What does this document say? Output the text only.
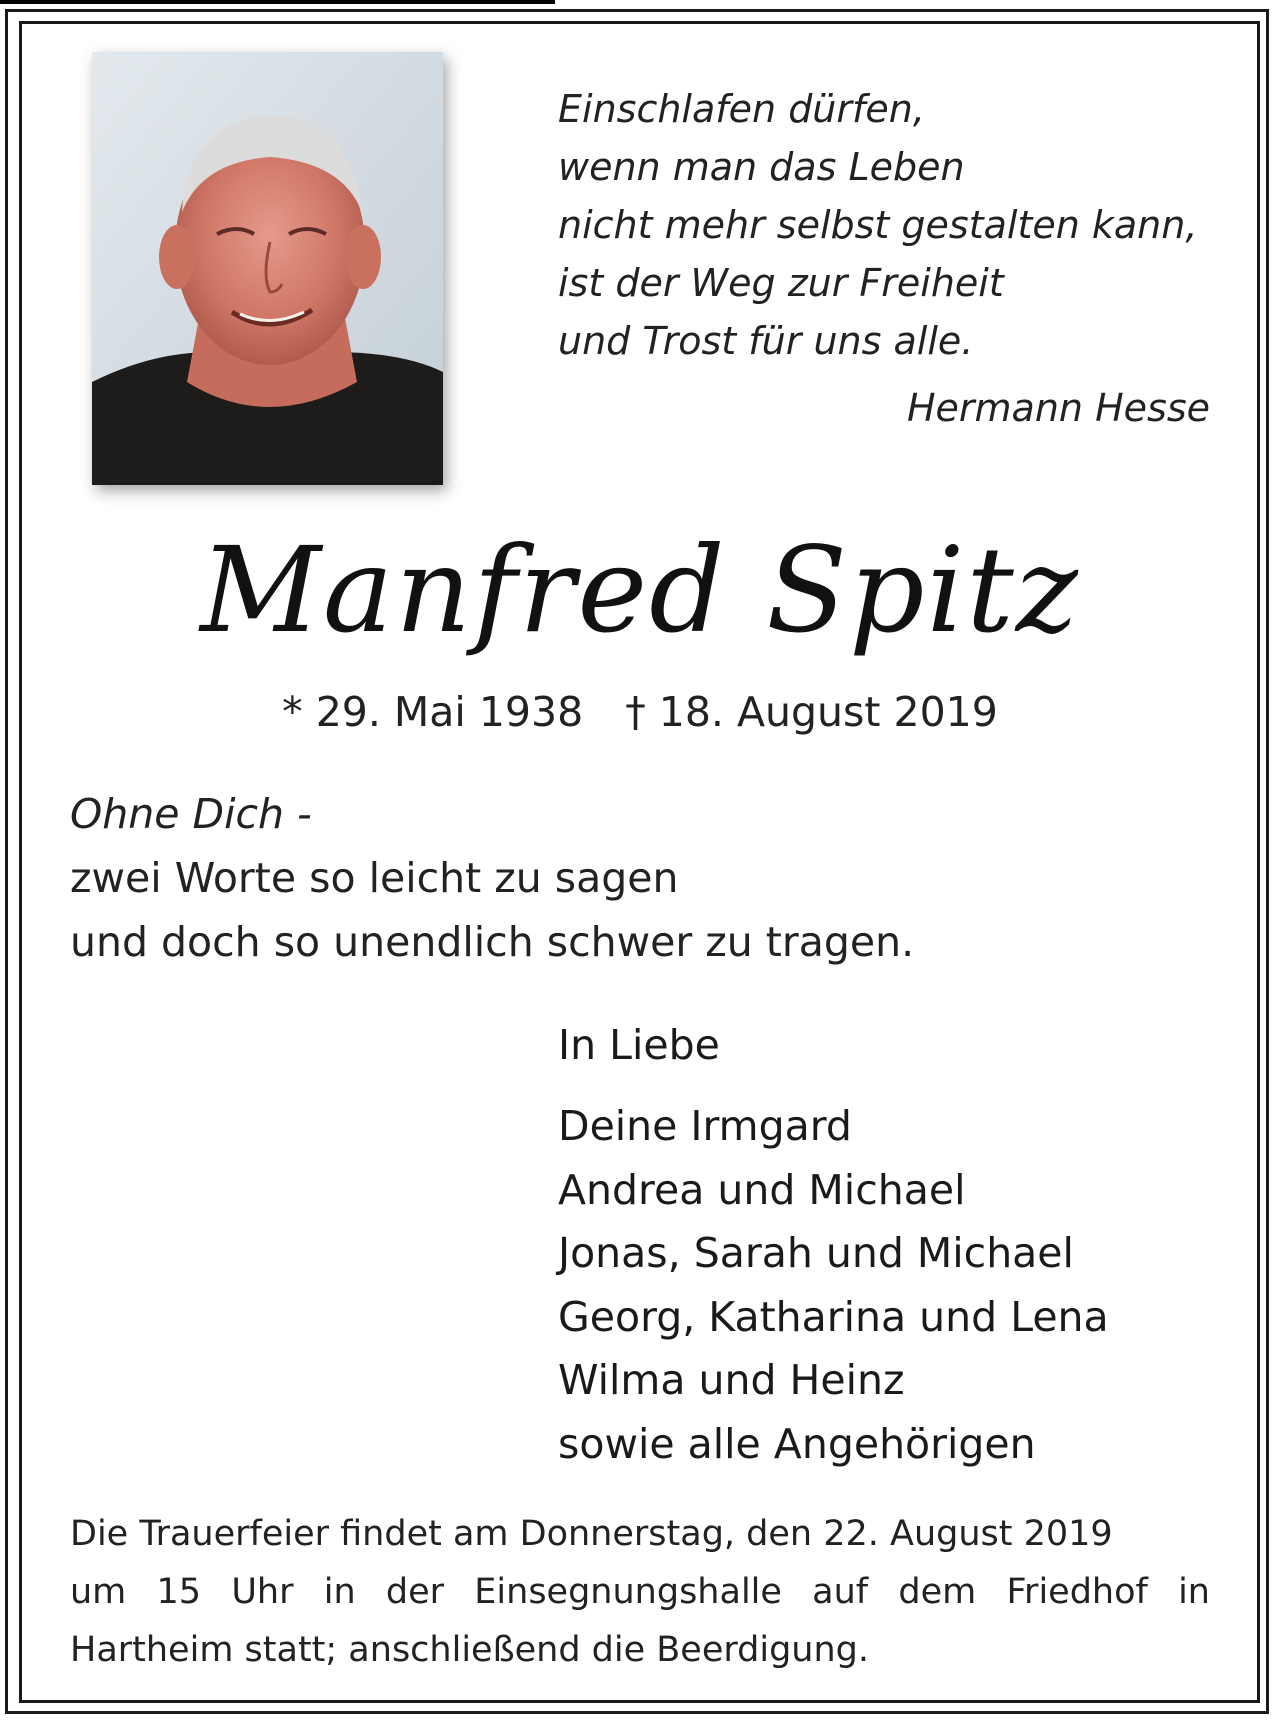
Einschlafen dürfen,
wenn man das Leben
nicht mehr selbst gestalten kann,
ist der Weg zur Freiheit
und Trost für uns alle.
Hermann Hesse
Manfred Spitz
* 29. Mai 1938 † 18. August 2019
Ohne Dich -
zwei Worte so leicht zu sagen
und doch so unendlich schwer zu tragen.
In Liebe
Deine Irmgard
Andrea und Michael
Jonas, Sarah und Michael
Georg, Katharina und Lena
Wilma und Heinz
sowie alle Angehörigen
Die Trauerfeier findet am Donnerstag, den 22. August 2019
um 15 Uhr in der Einsegnungshalle auf dem Friedhof in
Hartheim statt; anschließend die Beerdigung.
